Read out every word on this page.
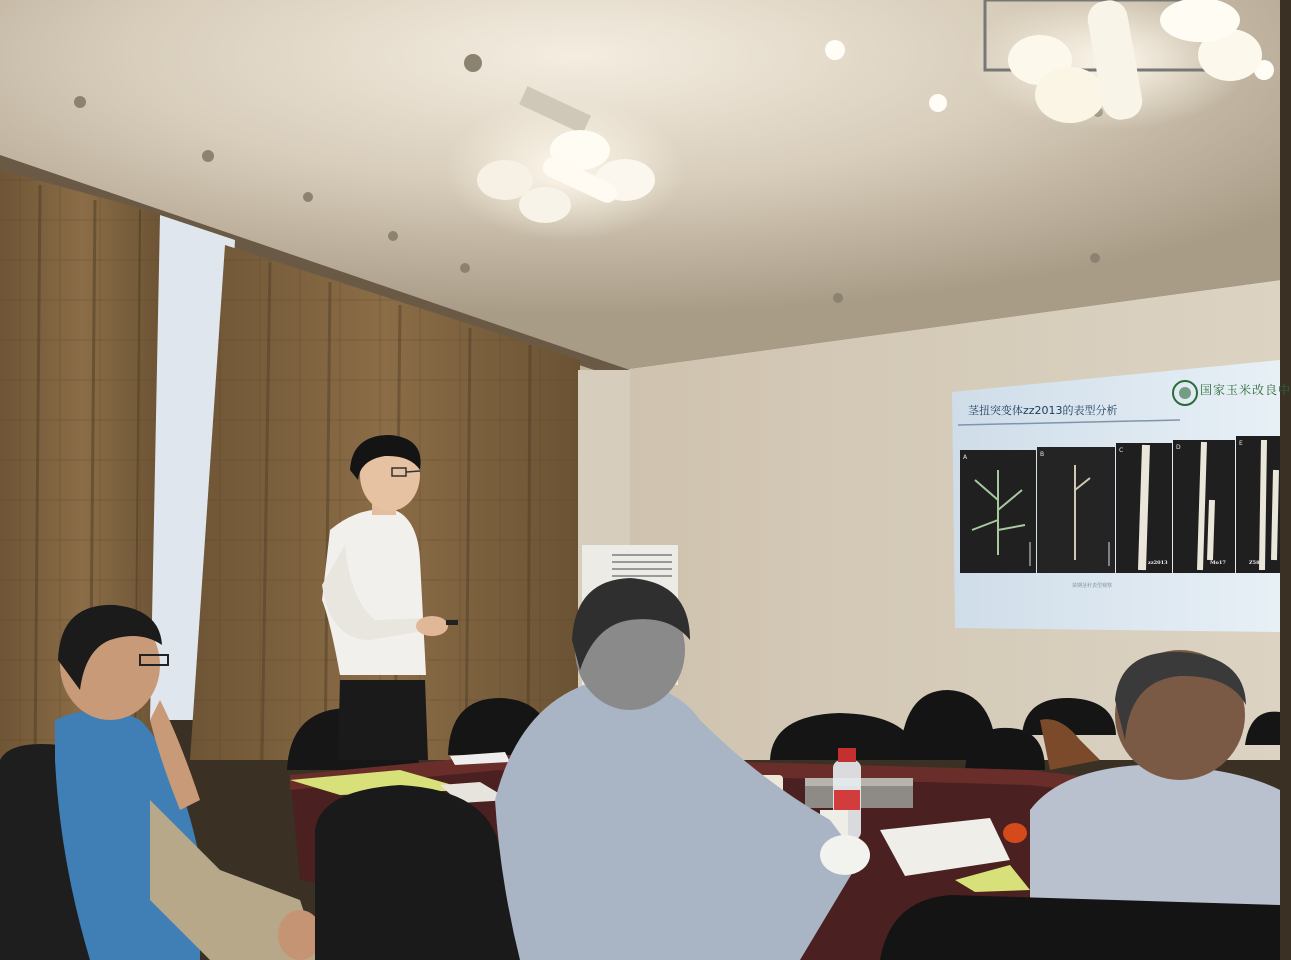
茎扭突变体zz2013的表型分析
国家玉米改良中
A	B
C	D
E
zz2013	Mo17	Z58
苗期茎秆表型观察
